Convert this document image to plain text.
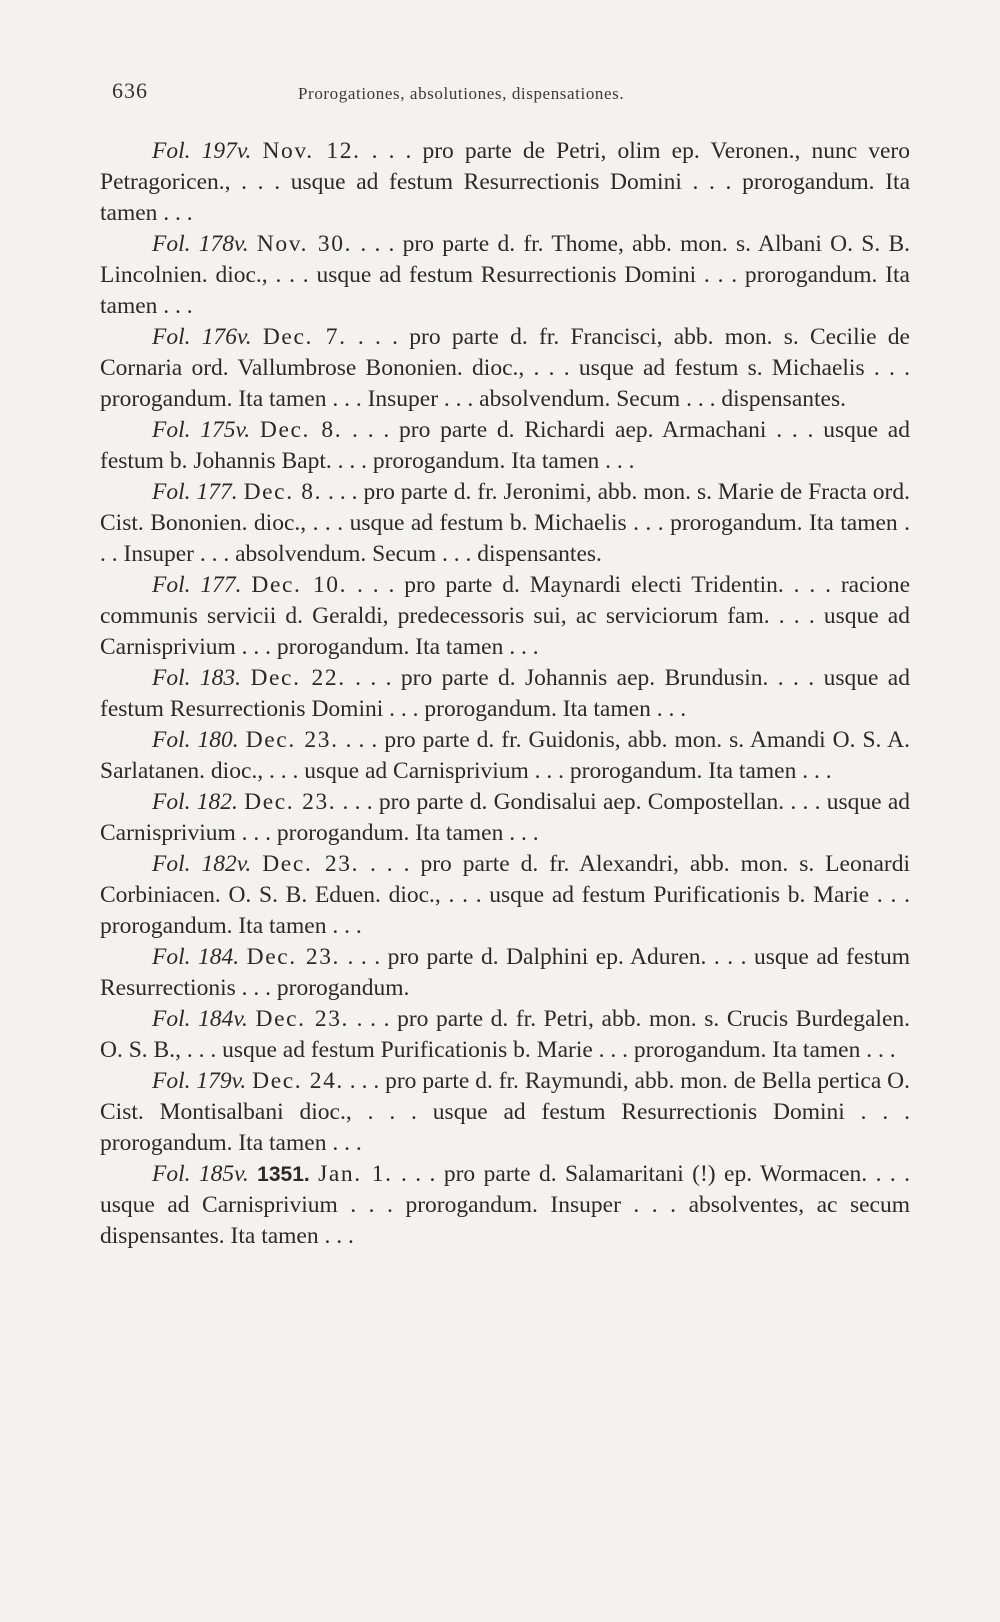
636	Prorogationes, absolutiones, dispensationes.

Fol. 197v. Nov. 12. . . . pro parte de Petri, olim ep. Veronen., nunc vero Petragoricen., . . . usque ad festum Resurrectionis Domini . . . prorogandum. Ita tamen . . .

Fol. 178v. Nov. 30. . . . pro parte d. fr. Thome, abb. mon. s. Albani O. S. B. Lincolnien. dioc., . . . usque ad festum Resurrectionis Domini . . . prorogandum. Ita tamen . . .

Fol. 176v. Dec. 7. . . . pro parte d. fr. Francisci, abb. mon. s. Cecilie de Cornaria ord. Vallumbrose Bononien. dioc., . . . usque ad festum s. Michaelis . . . prorogandum. Ita tamen . . . Insuper . . . absolvendum. Secum . . . dispensantes.

Fol. 175v. Dec. 8. . . . pro parte d. Richardi aep. Armachani . . . usque ad festum b. Johannis Bapt. . . . prorogandum. Ita tamen . . .

Fol. 177. Dec. 8. . . . pro parte d. fr. Jeronimi, abb. mon. s. Marie de Fracta ord. Cist. Bononien. dioc., . . . usque ad festum b. Michaelis . . . prorogandum. Ita tamen . . . Insuper . . . absolvendum. Secum . . . dispensantes.

Fol. 177. Dec. 10. . . . pro parte d. Maynardi electi Tridentin. . . . racione communis servicii d. Geraldi, predecessoris sui, ac serviciorum fam. . . . usque ad Carnisprivium . . . prorogandum. Ita tamen . . .

Fol. 183. Dec. 22. . . . pro parte d. Johannis aep. Brundusin. . . . usque ad festum Resurrectionis Domini . . . prorogandum. Ita tamen . . .

Fol. 180. Dec. 23. . . . pro parte d. fr. Guidonis, abb. mon. s. Amandi O. S. A. Sarlatanen. dioc., . . . usque ad Carnisprivium . . . prorogandum. Ita tamen . . .

Fol. 182. Dec. 23. . . . pro parte d. Gondisalui aep. Compostellan. . . . usque ad Carnisprivium . . . prorogandum. Ita tamen . . .

Fol. 182v. Dec. 23. . . . pro parte d. fr. Alexandri, abb. mon. s. Leonardi Corbiniacen. O. S. B. Eduen. dioc., . . . usque ad festum Purificationis b. Marie . . . prorogandum. Ita tamen . . .

Fol. 184. Dec. 23. . . . pro parte d. Dalphini ep. Aduren. . . . usque ad festum Resurrectionis . . . prorogandum.

Fol. 184v. Dec. 23. . . . pro parte d. fr. Petri, abb. mon. s. Crucis Burdegalen. O. S. B., . . . usque ad festum Purificationis b. Marie . . . prorogandum. Ita tamen . . .

Fol. 179v. Dec. 24. . . . pro parte d. fr. Raymundi, abb. mon. de Bella pertica O. Cist. Montisalbani dioc., . . . usque ad festum Resurrectionis Domini . . . prorogandum. Ita tamen . . .

Fol. 185v. 1351. Jan. 1. . . . pro parte d. Salamaritani (!) ep. Wormacen. . . . usque ad Carnisprivium . . . prorogandum. Insuper . . . absolventes, ac secum dispensantes. Ita tamen . . .
